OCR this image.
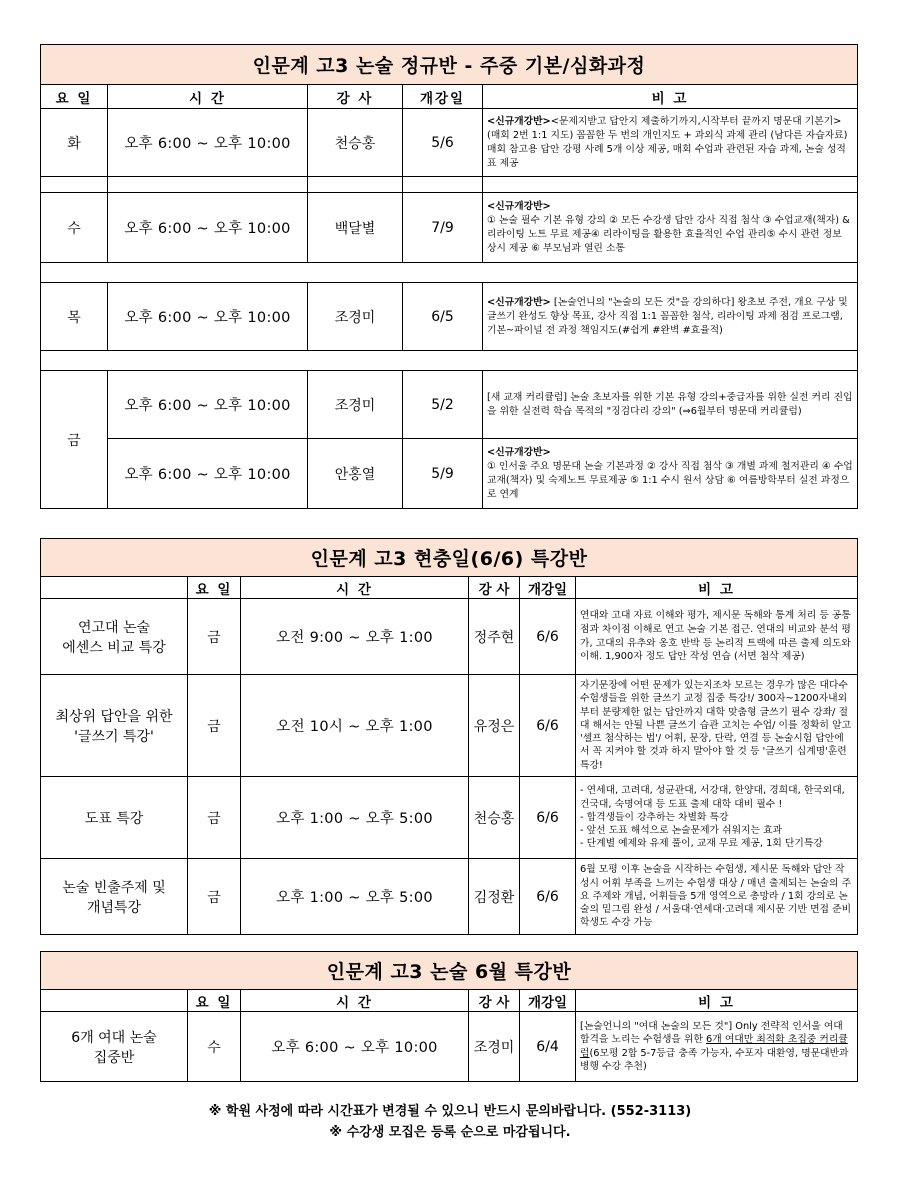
인문계 고3 논술 정규반 - 주중 기본/심화과정				
요 일	시 간	강 사	개강일	비 고
화	오후 6:00 ~ 오후 10:00	천승홍	5/6	<신규개강반><문제지받고 답안지 제출하기까지,시작부터 끝까지 명문대 기본기> (매회 2번 1:1 지도) 꼼꼼한 두 번의 개인지도 + 과외식 과제 관리 (남다른 자습자료) 매회 참고용 답안 강평 사례 5개 이상 제공, 매회 수업과 관련된 자습 과제, 논술 성적표 제공

수	오후 6:00 ~ 오후 10:00	백달별	7/9	<신규개강반>
① 논술 필수 기본 유형 강의 ② 모든 수강생 답안 강사 직접 첨삭 ③ 수업교재(책자) & 리라이팅 노트 무료 제공④ 리라이팅을 활용한 효율적인 수업 관리⑤ 수시 관련 정보 상시 제공 ⑥ 부모님과 열린 소통

목	오후 6:00 ~ 오후 10:00	조경미	6/5	<신규개강반> [논술언니의 "논술의 모든 것"을 강의하다] 왕초보 주전, 개요 구상 및 글쓰기 완성도 향상 목표, 강사 직접 1:1 꼼꼼한 첨삭, 리라이팅 과제 점검 프로그램, 기본~파이널 전 과정 책임지도(#쉽게 #완벽 #효율적)

금	오후 6:00 ~ 오후 10:00	조경미	5/2	[새 교재 커리큘럼] 논술 초보자를 위한 기본 유형 강의+중급자를 위한 실전 커리 진입을 위한 실전력 학습 목적의 "징검다리 강의" (⇒6월부터 명문대 커리큘럼)
	오후 6:00 ~ 오후 10:00	안홍열	5/9	<신규개강반>
① 인서울 주요 명문대 논술 기본과정 ② 강사 직접 첨삭 ③ 개별 과제 철저관리 ④ 수업교재(책자) 및 숙제노트 무료제공 ⑤ 1:1 수시 원서 상담 ⑥ 여름방학부터 실전 과정으로 연계
인문계 고3 현충일(6/6) 특강반					
	요 일	시 간	강 사	개강일	비 고

연고대 논술
에센스 비교 특강	금	오전 9:00 ~ 오후 1:00	정주현	6/6	연대와 고대 자료 이해와 평가, 제시문 독해와 통계 처리 등 공통점과 차이점 이해로 연고 논술 기본 접근. 연대의 비교와 분석 평가, 고대의 유추와 옹호 반박 등 논리적 트랙에 따른 출제 의도와 이해. 1,900자 정도 답안 작성 연습 (서면 첨삭 제공)

최상위 답안을 위한
'글쓰기 특강'	금	오전 10시 ~ 오후 1:00	유정은	6/6	자기문장에 어떤 문제가 있는지조차 모르는 경우가 많은 대다수 수험생들을 위한 글쓰기 교정 집중 특강!/ 300자~1200자내외부터 분량제한 없는 답안까지 대학 맞춤형 글쓰기 필수 강좌/ 절대 해서는 안될 나쁜 글쓰기 습관 고치는 수업/ 이를 정확히 알고 '셀프 첨삭하는 법'/ 어휘, 문장, 단락, 연결 등 논술시험 답안에서 꼭 지켜야 할 것과 하지 말아야 할 것 등 '글쓰기 십계명'훈련 특강!

도표 특강	금	오후 1:00 ~ 오후 5:00	천승홍	6/6	- 연세대, 고려대, 성균관대, 서강대, 한양대, 경희대, 한국외대, 건국대, 숙명여대 등 도표 출제 대학 대비 필수 !
- 합격생들이 강추하는 차별화 특강
- 앞선 도표 해석으로 논술문제가 쉬워지는 효과
- 단계별 예제와 유제 풀이, 교재 무료 제공, 1회 단기특강

논술 빈출주제 및
개념특강	금	오후 1:00 ~ 오후 5:00	김정환	6/6	6월 모평 이후 논술을 시작하는 수험생, 제시문 독해와 답안 작성시 어휘 부족을 느끼는 수험생 대상 / 매년 출제되는 논술의 주요 주제와 개념, 어휘들을 5개 영역으로 총망라 / 1회 강의로 논술의 밑그림 완성 / 서울대·연세대·고려대 제시문 기반 면접 준비 학생도 수강 가능
인문계 고3 논술 6월 특강반					
	요 일	시 간	강 사	개강일	비 고

6개 여대 논술
집중반	수	오후 6:00 ~ 오후 10:00	조경미	6/4	[논술언니의 "여대 논술의 모든 것"] Only 전략적 인서울 여대 합격을 노리는 수험생을 위한 6개 여대만 최적화 초집중 커리큘럼(6모평 2합 5-7등급 충족 가능자, 수포자 대환영, 명문대반과 병행 수강 추천)
※ 학원 사정에 따라 시간표가 변경될 수 있으니 반드시 문의바랍니다. (552-3113)
※ 수강생 모집은 등록 순으로 마감됩니다.
